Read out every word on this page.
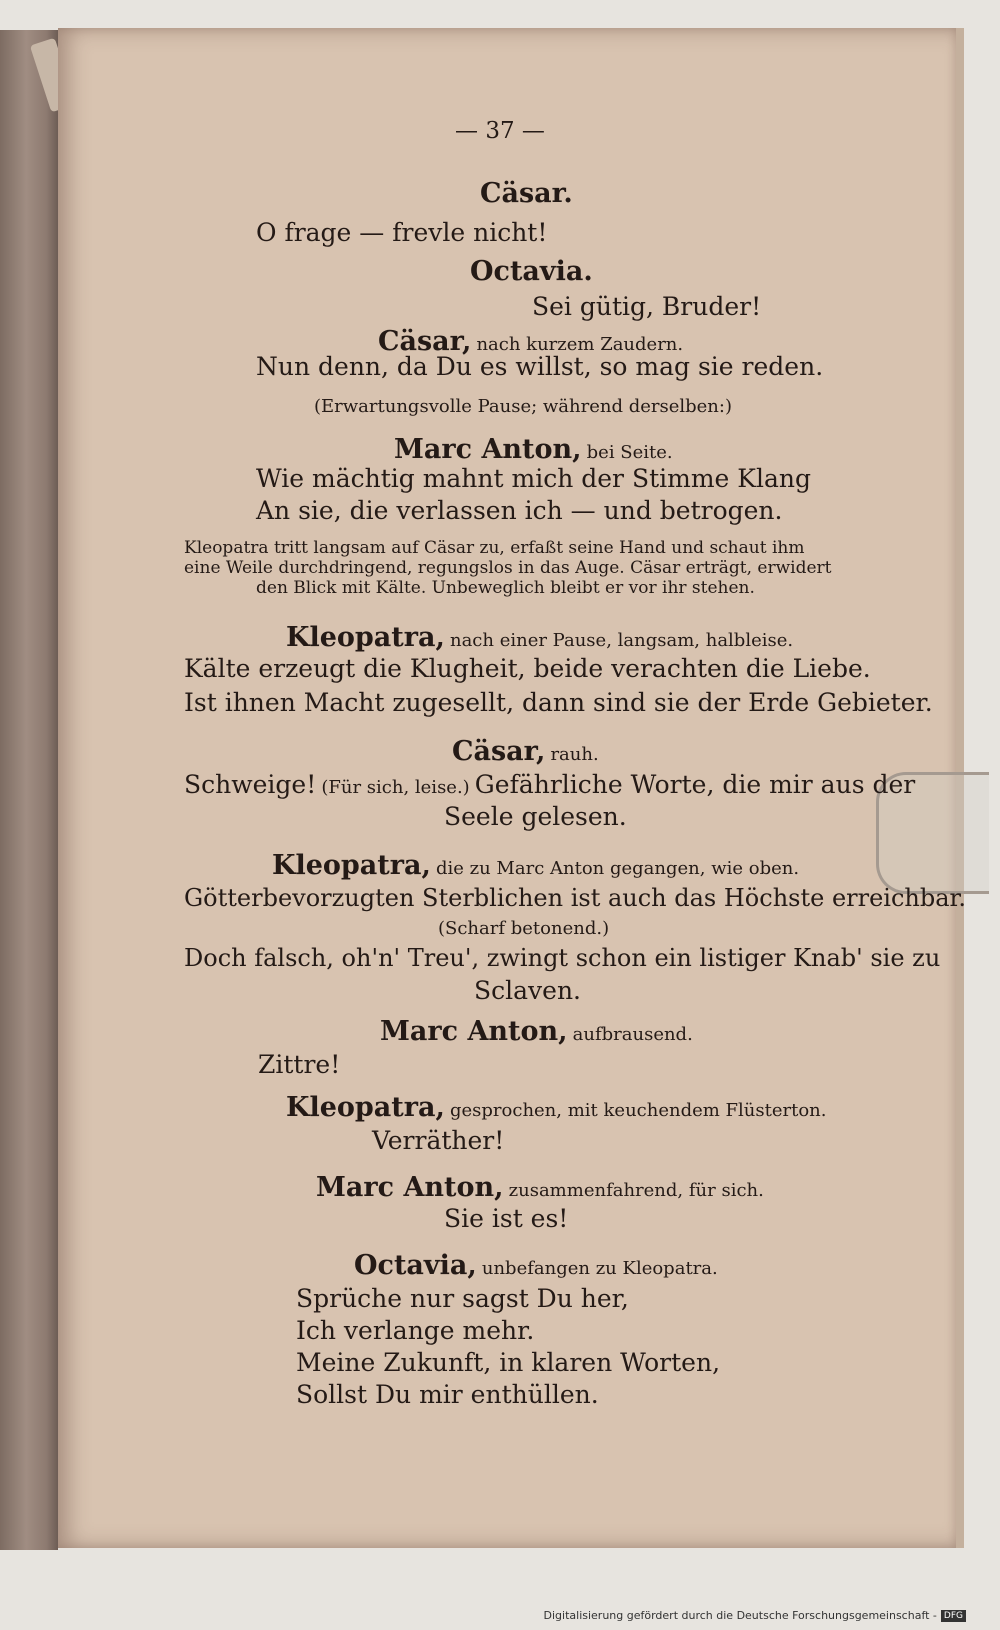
— 37 —
Cäsar.
O frage — frevle nicht!
Octavia.
Sei gütig, Bruder!
Cäsar, nach kurzem Zaudern.
Nun denn, da Du es willst, so mag sie reden.
(Erwartungsvolle Pause; während derselben:)
Marc Anton, bei Seite.
Wie mächtig mahnt mich der Stimme Klang
An sie, die verlassen ich — und betrogen.
Kleopatra tritt langsam auf Cäsar zu, erfaßt seine Hand und schaut ihm
eine Weile durchdringend, regungslos in das Auge. Cäsar erträgt, erwidert
den Blick mit Kälte. Unbeweglich bleibt er vor ihr stehen.
Kleopatra, nach einer Pause, langsam, halbleise.
Kälte erzeugt die Klugheit, beide verachten die Liebe.
Ist ihnen Macht zugesellt, dann sind sie der Erde Gebieter.
Cäsar, rauh.
Schweige! (Für sich, leise.) Gefährliche Worte, die mir aus der
Seele gelesen.
Kleopatra, die zu Marc Anton gegangen, wie oben.
Götterbevorzugten Sterblichen ist auch das Höchste erreichbar.
(Scharf betonend.)
Doch falsch, oh'n' Treu', zwingt schon ein listiger Knab' sie zu
Sclaven.
Marc Anton, aufbrausend.
Zittre!
Kleopatra, gesprochen, mit keuchendem Flüsterton.
Verräther!
Marc Anton, zusammenfahrend, für sich.
Sie ist es!
Octavia, unbefangen zu Kleopatra.
Sprüche nur sagst Du her,
Ich verlange mehr.
Meine Zukunft, in klaren Worten,
Sollst Du mir enthüllen.
Digitalisierung gefördert durch die Deutsche Forschungsgemeinschaft - DFG
